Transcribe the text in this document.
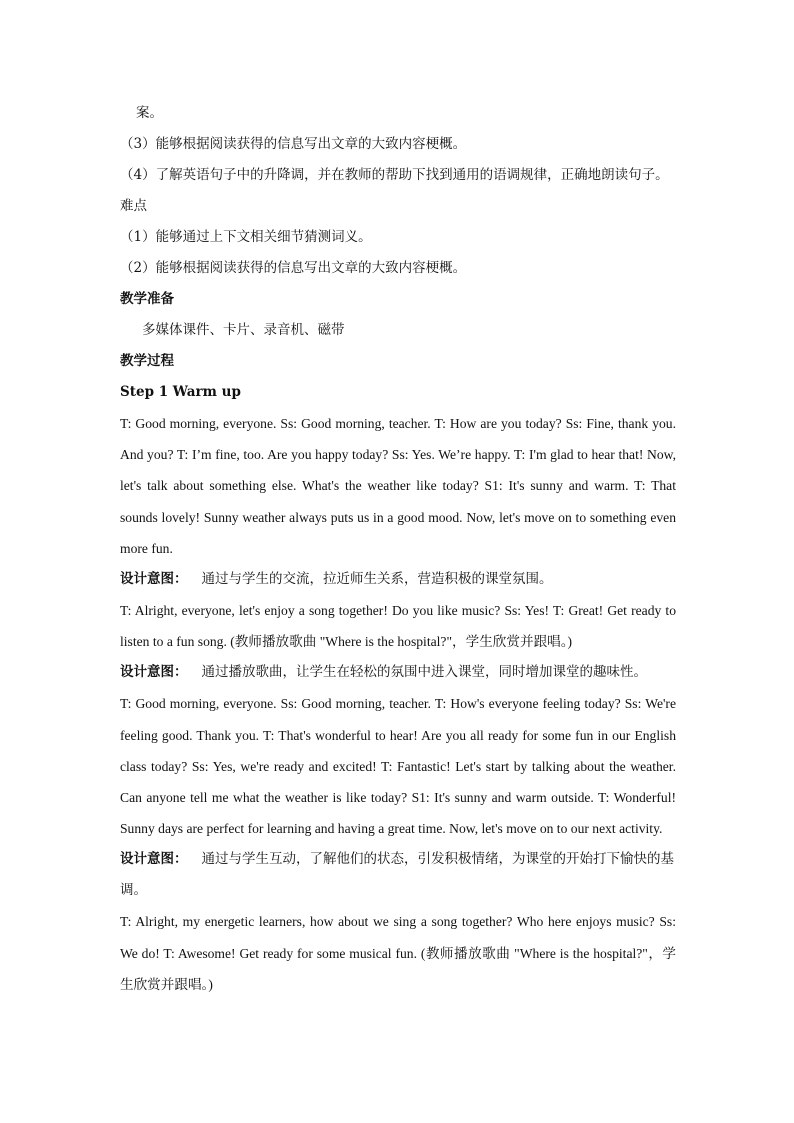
案。
（3）能够根据阅读获得的信息写出文章的大致内容梗概。
（4）了解英语句子中的升降调，并在教师的帮助下找到通用的语调规律，正确地朗读句子。
难点
（1）能够通过上下文相关细节猜测词义。
（2）能够根据阅读获得的信息写出文章的大致内容梗概。
教学准备
多媒体课件、卡片、录音机、磁带
教学过程
Step 1 Warm up
T: Good morning, everyone. Ss: Good morning, teacher. T: How are you today? Ss: Fine, thank you. And you? T: I’m fine, too. Are you happy today? Ss: Yes. We’re happy. T: I'm glad to hear that! Now, let's talk about something else. What's the weather like today? S1: It's sunny and warm. T: That sounds lovely! Sunny weather always puts us in a good mood. Now, let's move on to something even more fun.
设计意图： 通过与学生的交流，拉近师生关系，营造积极的课堂氛围。
T: Alright, everyone, let's enjoy a song together! Do you like music? Ss: Yes! T: Great! Get ready to listen to a fun song. (教师播放歌曲 "Where is the hospital?"，学生欣赏并跟唱。)
设计意图： 通过播放歌曲，让学生在轻松的氛围中进入课堂，同时增加课堂的趣味性。
T: Good morning, everyone. Ss: Good morning, teacher. T: How's everyone feeling today? Ss: We're feeling good. Thank you. T: That's wonderful to hear! Are you all ready for some fun in our English class today? Ss: Yes, we're ready and excited! T: Fantastic! Let's start by talking about the weather. Can anyone tell me what the weather is like today? S1: It's sunny and warm outside. T: Wonderful! Sunny days are perfect for learning and having a great time. Now, let's move on to our next activity.
设计意图： 通过与学生互动，了解他们的状态，引发积极情绪，为课堂的开始打下愉快的基调。
T: Alright, my energetic learners, how about we sing a song together? Who here enjoys music? Ss: We do! T: Awesome! Get ready for some musical fun. (教师播放歌曲 "Where is the hospital?"，学生欣赏并跟唱。)
